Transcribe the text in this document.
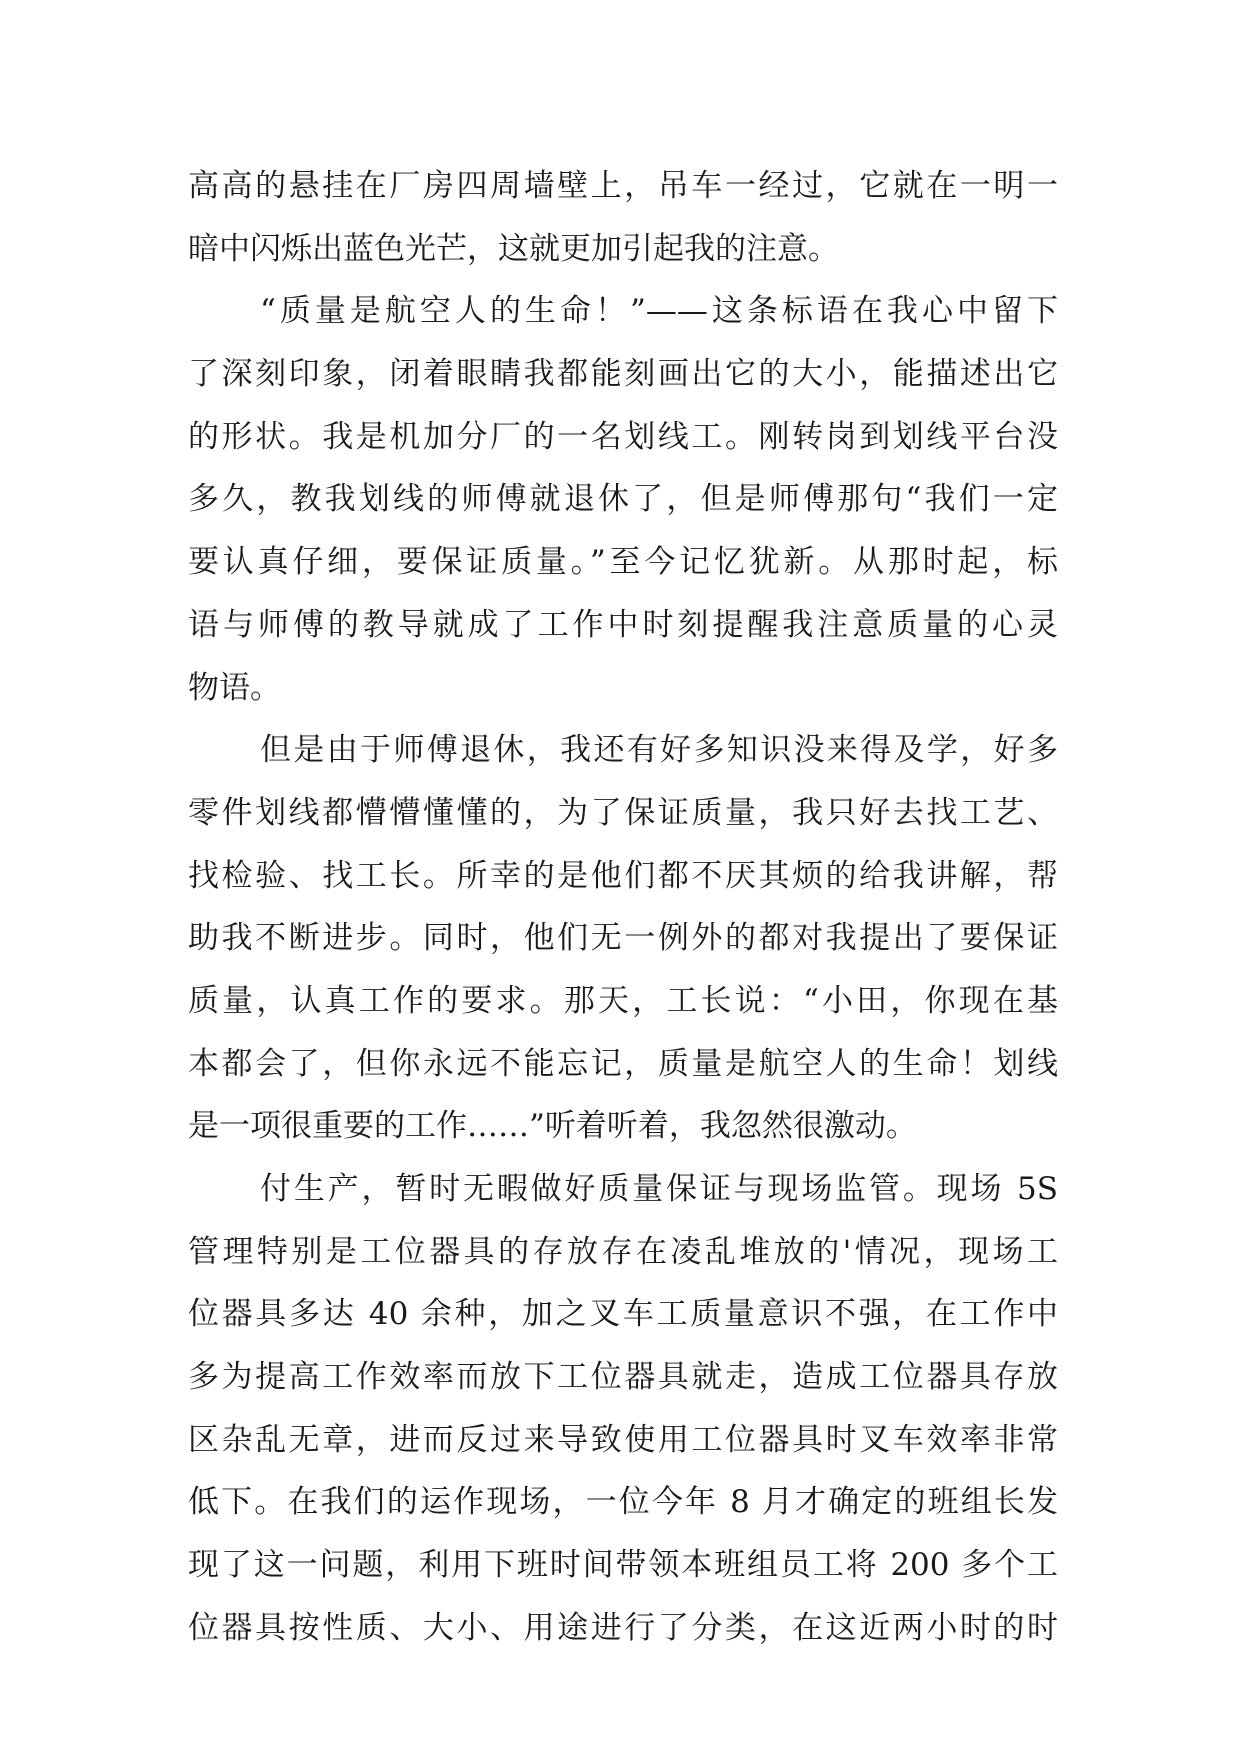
高高的悬挂在厂房四周墙壁上，吊车一经过，它就在一明一
暗中闪烁出蓝色光芒，这就更加引起我的注意。
“质量是航空人的生命！”——这条标语在我心中留下
了深刻印象，闭着眼睛我都能刻画出它的大小，能描述出它
的形状。我是机加分厂的一名划线工。刚转岗到划线平台没
多久，教我划线的师傅就退休了，但是师傅那句“我们一定
要认真仔细，要保证质量。”至今记忆犹新。从那时起，标
语与师傅的教导就成了工作中时刻提醒我注意质量的心灵
物语。
但是由于师傅退休，我还有好多知识没来得及学，好多
零件划线都懵懵懂懂的，为了保证质量，我只好去找工艺、
找检验、找工长。所幸的是他们都不厌其烦的给我讲解，帮
助我不断进步。同时，他们无一例外的都对我提出了要保证
质量，认真工作的要求。那天，工长说：“小田，你现在基
本都会了，但你永远不能忘记，质量是航空人的生命！划线
是一项很重要的工作……”听着听着，我忽然很激动。
付生产，暂时无暇做好质量保证与现场监管。现场 5S
管理特别是工位器具的存放存在凌乱堆放的'情况，现场工
位器具多达 40 余种，加之叉车工质量意识不强，在工作中
多为提高工作效率而放下工位器具就走，造成工位器具存放
区杂乱无章，进而反过来导致使用工位器具时叉车效率非常
低下。在我们的运作现场，一位今年 8 月才确定的班组长发
现了这一问题，利用下班时间带领本班组员工将 200 多个工
位器具按性质、大小、用途进行了分类，在这近两小时的时
